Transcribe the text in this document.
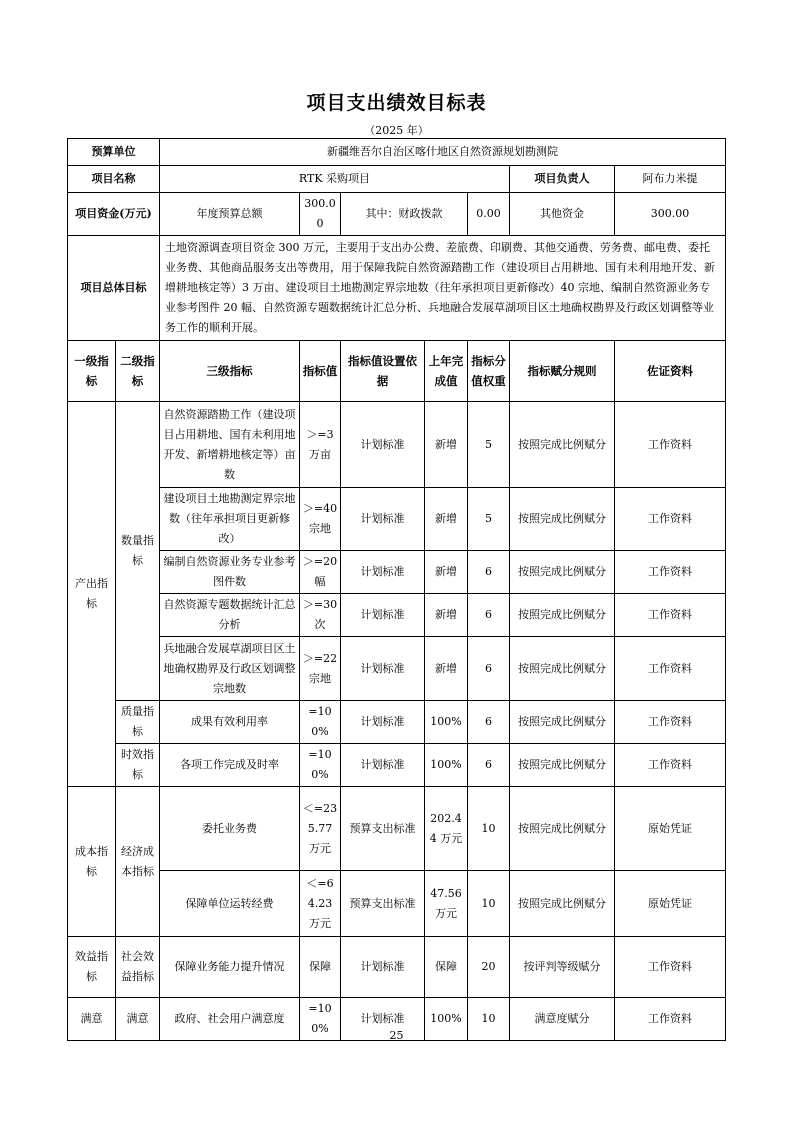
项目支出绩效目标表
（2025 年）
预算单位		新疆维吾尔自治区喀什地区自然资源规划勘测院						
项目名称		RTK 采购项目					项目负责人	阿布力米提
项目资金(万元)		年度预算总额	300.00	其中：财政拨款		0.00	其他资金	300.00
项目总体目标		土地资源调查项目资金 300 万元，主要用于支出办公费、差旅费、印刷费、其他交通费、劳务费、邮电费、委托业务费、其他商品服务支出等费用，用于保障我院自然资源踏勘工作（建设项目占用耕地、国有未利用地开发、新增耕地核定等）3 万亩、建设项目土地勘测定界宗地数（往年承担项目更新修改）40 宗地、编制自然资源业务专业参考图件 20 幅、自然资源专题数据统计汇总分析、兵地融合发展草湖项目区土地确权勘界及行政区划调整等业务工作的顺利开展。						
一级指标	二级指标	三级指标	指标值	指标值设置依据	上年完成值	指标分值权重	指标赋分规则	佐证资料
产出指标	数量指标	自然资源踏勘工作（建设项目占用耕地、国有未利用地开发、新增耕地核定等）亩数	＞=3 万亩	计划标准	新增	5	按照完成比例赋分	工作资料
		建设项目土地勘测定界宗地数（往年承担项目更新修改）	＞=40 宗地	计划标准	新增	5	按照完成比例赋分	工作资料
		编制自然资源业务专业参考图件数	＞=20 幅	计划标准	新增	6	按照完成比例赋分	工作资料
		自然资源专题数据统计汇总分析	＞=30 次	计划标准	新增	6	按照完成比例赋分	工作资料
		兵地融合发展草湖项目区土地确权勘界及行政区划调整宗地数	＞=22 宗地	计划标准	新增	6	按照完成比例赋分	工作资料
	质量指标	成果有效利用率	=100%	计划标准	100%	6	按照完成比例赋分	工作资料
	时效指标	各项工作完成及时率	=100%	计划标准	100%	6	按照完成比例赋分	工作资料
成本指标	经济成本指标	委托业务费	＜=235.77 万元	预算支出标准	202.44 万元	10	按照完成比例赋分	原始凭证
		保障单位运转经费	＜=64.23 万元	预算支出标准	47.56 万元	10	按照完成比例赋分	原始凭证
效益指标	社会效益指标	保障业务能力提升情况	保障	计划标准	保障	20	按评判等级赋分	工作资料
满意	满意	政府、社会用户满意度	=100%	计划标准	100%	10	满意度赋分	工作资料
25
